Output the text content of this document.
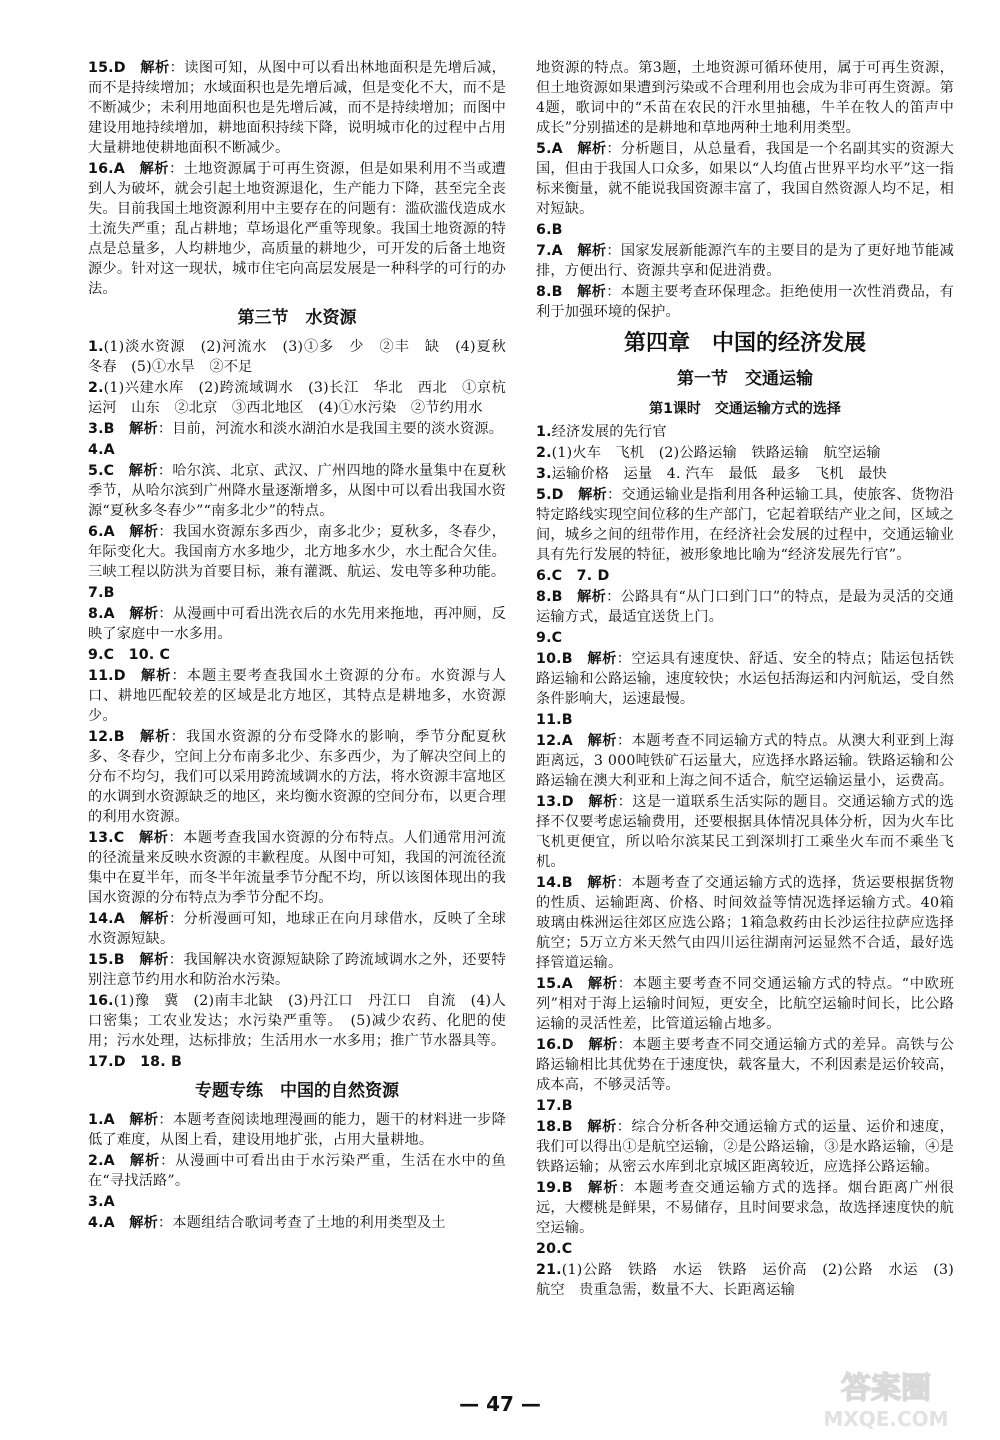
15.D  解析：读图可知，从图中可以看出林地面积是先增后减，而不是持续增加；水域面积也是先增后减，但是变化不大，而不是不断减少；未利用地面积也是先增后减，而不是持续增加；而图中建设用地持续增加，耕地面积持续下降，说明城市化的过程中占用大量耕地使耕地面积不断减少。
16.A  解析：土地资源属于可再生资源，但是如果利用不当或遭到人为破坏，就会引起土地资源退化，生产能力下降，甚至完全丧失。目前我国土地资源利用中主要存在的问题有：滥砍滥伐造成水土流失严重；乱占耕地；草场退化严重等现象。我国土地资源的特点是总量多，人均耕地少，高质量的耕地少，可开发的后备土地资源少。针对这一现状，城市住宅向高层发展是一种科学的可行的办法。
第三节　水资源
1.(1)淡水资源　(2)河流水　(3)①多　少　②丰　缺　(4)夏秋　冬春　(5)①水旱　②不足
2.(1)兴建水库　(2)跨流域调水　(3)长江　华北　西北　①京杭运河　山东　②北京　③西北地区　(4)①水污染　②节约用水
3.B  解析：目前，河流水和淡水湖泊水是我国主要的淡水资源。
4.A
5.C  解析：哈尔滨、北京、武汉、广州四地的降水量集中在夏秋季节，从哈尔滨到广州降水量逐渐增多，从图中可以看出我国水资源“夏秋多冬春少”“南多北少”的特点。
6.A  解析：我国水资源东多西少，南多北少；夏秋多，冬春少，年际变化大。我国南方水多地少，北方地多水少，水土配合欠佳。三峡工程以防洪为首要目标，兼有灌溉、航运、发电等多种功能。
7.B
8.A  解析：从漫画中可看出洗衣后的水先用来拖地，再冲厕，反映了家庭中一水多用。
9.C　10. C
11.D  解析：本题主要考查我国水土资源的分布。水资源与人口、耕地匹配较差的区域是北方地区，其特点是耕地多，水资源少。
12.B  解析：我国水资源的分布受降水的影响，季节分配夏秋多、冬春少，空间上分布南多北少、东多西少，为了解决空间上的分布不均匀，我们可以采用跨流域调水的方法，将水资源丰富地区的水调到水资源缺乏的地区，来均衡水资源的空间分布，以更合理的利用水资源。
13.C  解析：本题考查我国水资源的分布特点。人们通常用河流的径流量来反映水资源的丰歉程度。从图中可知，我国的河流径流集中在夏半年，而冬半年流量季节分配不均，所以该图体现出的我国水资源的分布特点为季节分配不均。
14.A  解析：分析漫画可知，地球正在向月球借水，反映了全球水资源短缺。
15.B  解析：我国解决水资源短缺除了跨流域调水之外，还要特别注意节约用水和防治水污染。
16.(1)豫　冀　(2)南丰北缺　(3)丹江口　丹江口　自流　(4)人口密集；工农业发达；水污染严重等。　(5)减少农药、化肥的使用；污水处理，达标排放；生活用水一水多用；推广节水器具等。
17.D　18. B
专题专练　中国的自然资源
1.A  解析：本题考查阅读地理漫画的能力，题干的材料进一步降低了难度，从图上看，建设用地扩张，占用大量耕地。
2.A  解析：从漫画中可看出由于水污染严重，生活在水中的鱼在“寻找活路”。
3.A
4.A  解析：本题组结合歌词考查了土地的利用类型及土
地资源的特点。第3题，土地资源可循环使用，属于可再生资源，但土地资源如果遭到污染或不合理利用也会成为非可再生资源。第4题，歌词中的“禾苗在农民的汗水里抽穗，牛羊在牧人的笛声中成长”分别描述的是耕地和草地两种土地利用类型。
5.A  解析：分析题目，从总量看，我国是一个名副其实的资源大国，但由于我国人口众多，如果以“人均值占世界平均水平”这一指标来衡量，就不能说我国资源丰富了，我国自然资源人均不足，相对短缺。
6.B
7.A  解析：国家发展新能源汽车的主要目的是为了更好地节能减排，方便出行、资源共享和促进消费。
8.B  解析：本题主要考查环保理念。拒绝使用一次性消费品，有利于加强环境的保护。
第四章　中国的经济发展
第一节　交通运输
第1课时　交通运输方式的选择
1.经济发展的先行官
2.(1)火车　飞机　(2)公路运输　铁路运输　航空运输
3.运输价格　运量　4. 汽车　最低　最多　飞机　最快
5.D  解析：交通运输业是指利用各种运输工具，使旅客、货物沿特定路线实现空间位移的生产部门，它起着联结产业之间，区域之间，城乡之间的纽带作用，在经济社会发展的过程中，交通运输业具有先行发展的特征，被形象地比喻为“经济发展先行官”。
6.C　7. D
8.B  解析：公路具有“从门口到门口”的特点，是最为灵活的交通运输方式，最适宜送货上门。
9.C
10.B  解析：空运具有速度快、舒适、安全的特点；陆运包括铁路运输和公路运输，速度较快；水运包括海运和内河航运，受自然条件影响大，运速最慢。
11.B
12.A  解析：本题考查不同运输方式的特点。从澳大利亚到上海距离远，3 000吨铁矿石运量大，应选择水路运输。铁路运输和公路运输在澳大利亚和上海之间不适合，航空运输运量小，运费高。
13.D  解析：这是一道联系生活实际的题目。交通运输方式的选择不仅要考虑运输费用，还要根据具体情况具体分析，因为火车比飞机更便宜，所以哈尔滨某民工到深圳打工乘坐火车而不乘坐飞机。
14.B  解析：本题考查了交通运输方式的选择，货运要根据货物的性质、运输距离、价格、时间效益等情况选择运输方式。40箱玻璃由株洲运往郊区应选公路；1箱急救药由长沙运往拉萨应选择航空；5万立方米天然气由四川运往湖南河运显然不合适，最好选择管道运输。
15.A  解析：本题主要考查不同交通运输方式的特点。“中欧班列”相对于海上运输时间短，更安全，比航空运输时间长，比公路运输的灵活性差，比管道运输占地多。
16.D  解析：本题主要考查不同交通运输方式的差异。高铁与公路运输相比其优势在于速度快，载客量大，不利因素是运价较高，成本高，不够灵活等。
17.B
18.B  解析：综合分析各种交通运输方式的运量、运价和速度，我们可以得出①是航空运输，②是公路运输，③是水路运输，④是铁路运输；从密云水库到北京城区距离较近，应选择公路运输。
19.B  解析：本题考查交通运输方式的选择。烟台距离广州很远，大樱桃是鲜果，不易储存，且时间要求急，故选择速度快的航空运输。
20.C
21.(1)公路　铁路　水运　铁路　运价高　(2)公路　水运　(3)航空　贵重急需，数量不大、长距离运输
— 47 —	答案圈
MXQE.COM
